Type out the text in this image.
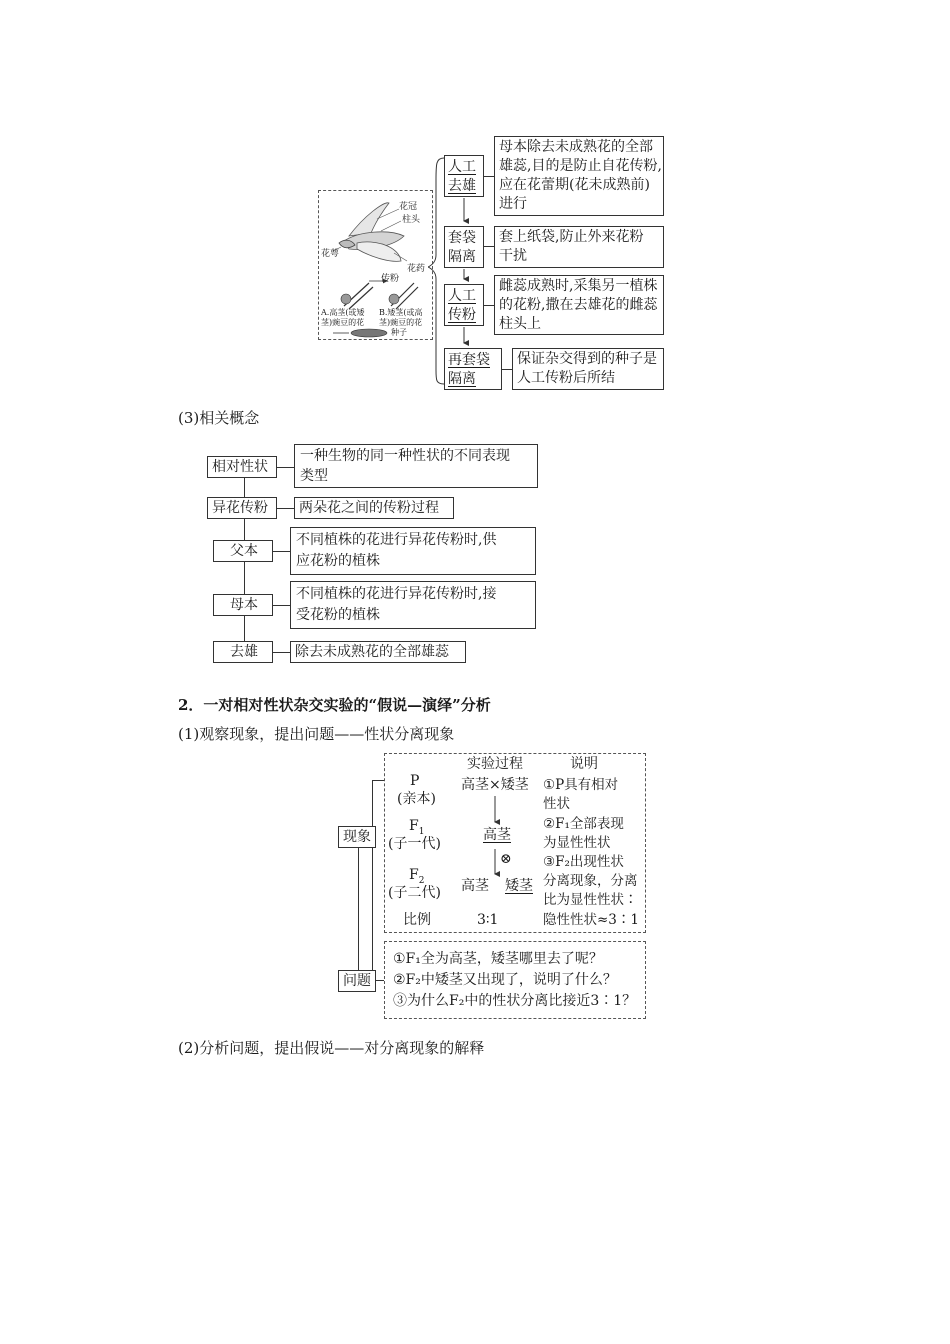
花冠
柱头
花萼
花药
传粉
A.高茎(或矮
茎)豌豆的花
B.矮茎(或高
茎)豌豆的花
种子
人工
去雄
套袋
隔离
人工
传粉
再套袋
隔离
母本除去未成熟花的全部
雄蕊,目的是防止自花传粉,
应在花蕾期(花未成熟前)
进行
套上纸袋,防止外来花粉
干扰
雌蕊成熟时,采集另一植株
的花粉,撒在去雄花的雌蕊
柱头上
保证杂交得到的种子是
人工传粉后所结
(3)相关概念
相对性状
一种生物的同一种性状的不同表现
类型
异花传粉 两朵花之间的传粉过程
父本
不同植株的花进行异花传粉时,供
应花粉的植株
母本
不同植株的花进行异花传粉时,接
受花粉的植株
去雄	除去未成熟花的全部雄蕊
2．一对相对性状杂交实验的“假说—演绎”分析
(1)观察现象，提出问题——性状分离现象
现象
问题
实验过程	说明
P
(亲本)
$F_1$
(子一代)
$F_2$
(子二代)
比例
高茎×矮茎
高茎
⊗
高茎 矮茎
3∶1
①P具有相对
性状
②F₁全部表现
为显性性状
③F₂出现性状
分离现象，分离
比为显性性状∶
隐性性状≈3∶1
①F₁全为高茎，矮茎哪里去了呢？
②F₂中矮茎又出现了，说明了什么？
③为什么F₂中的性状分离比接近3∶1？
(2)分析问题，提出假说——对分离现象的解释
